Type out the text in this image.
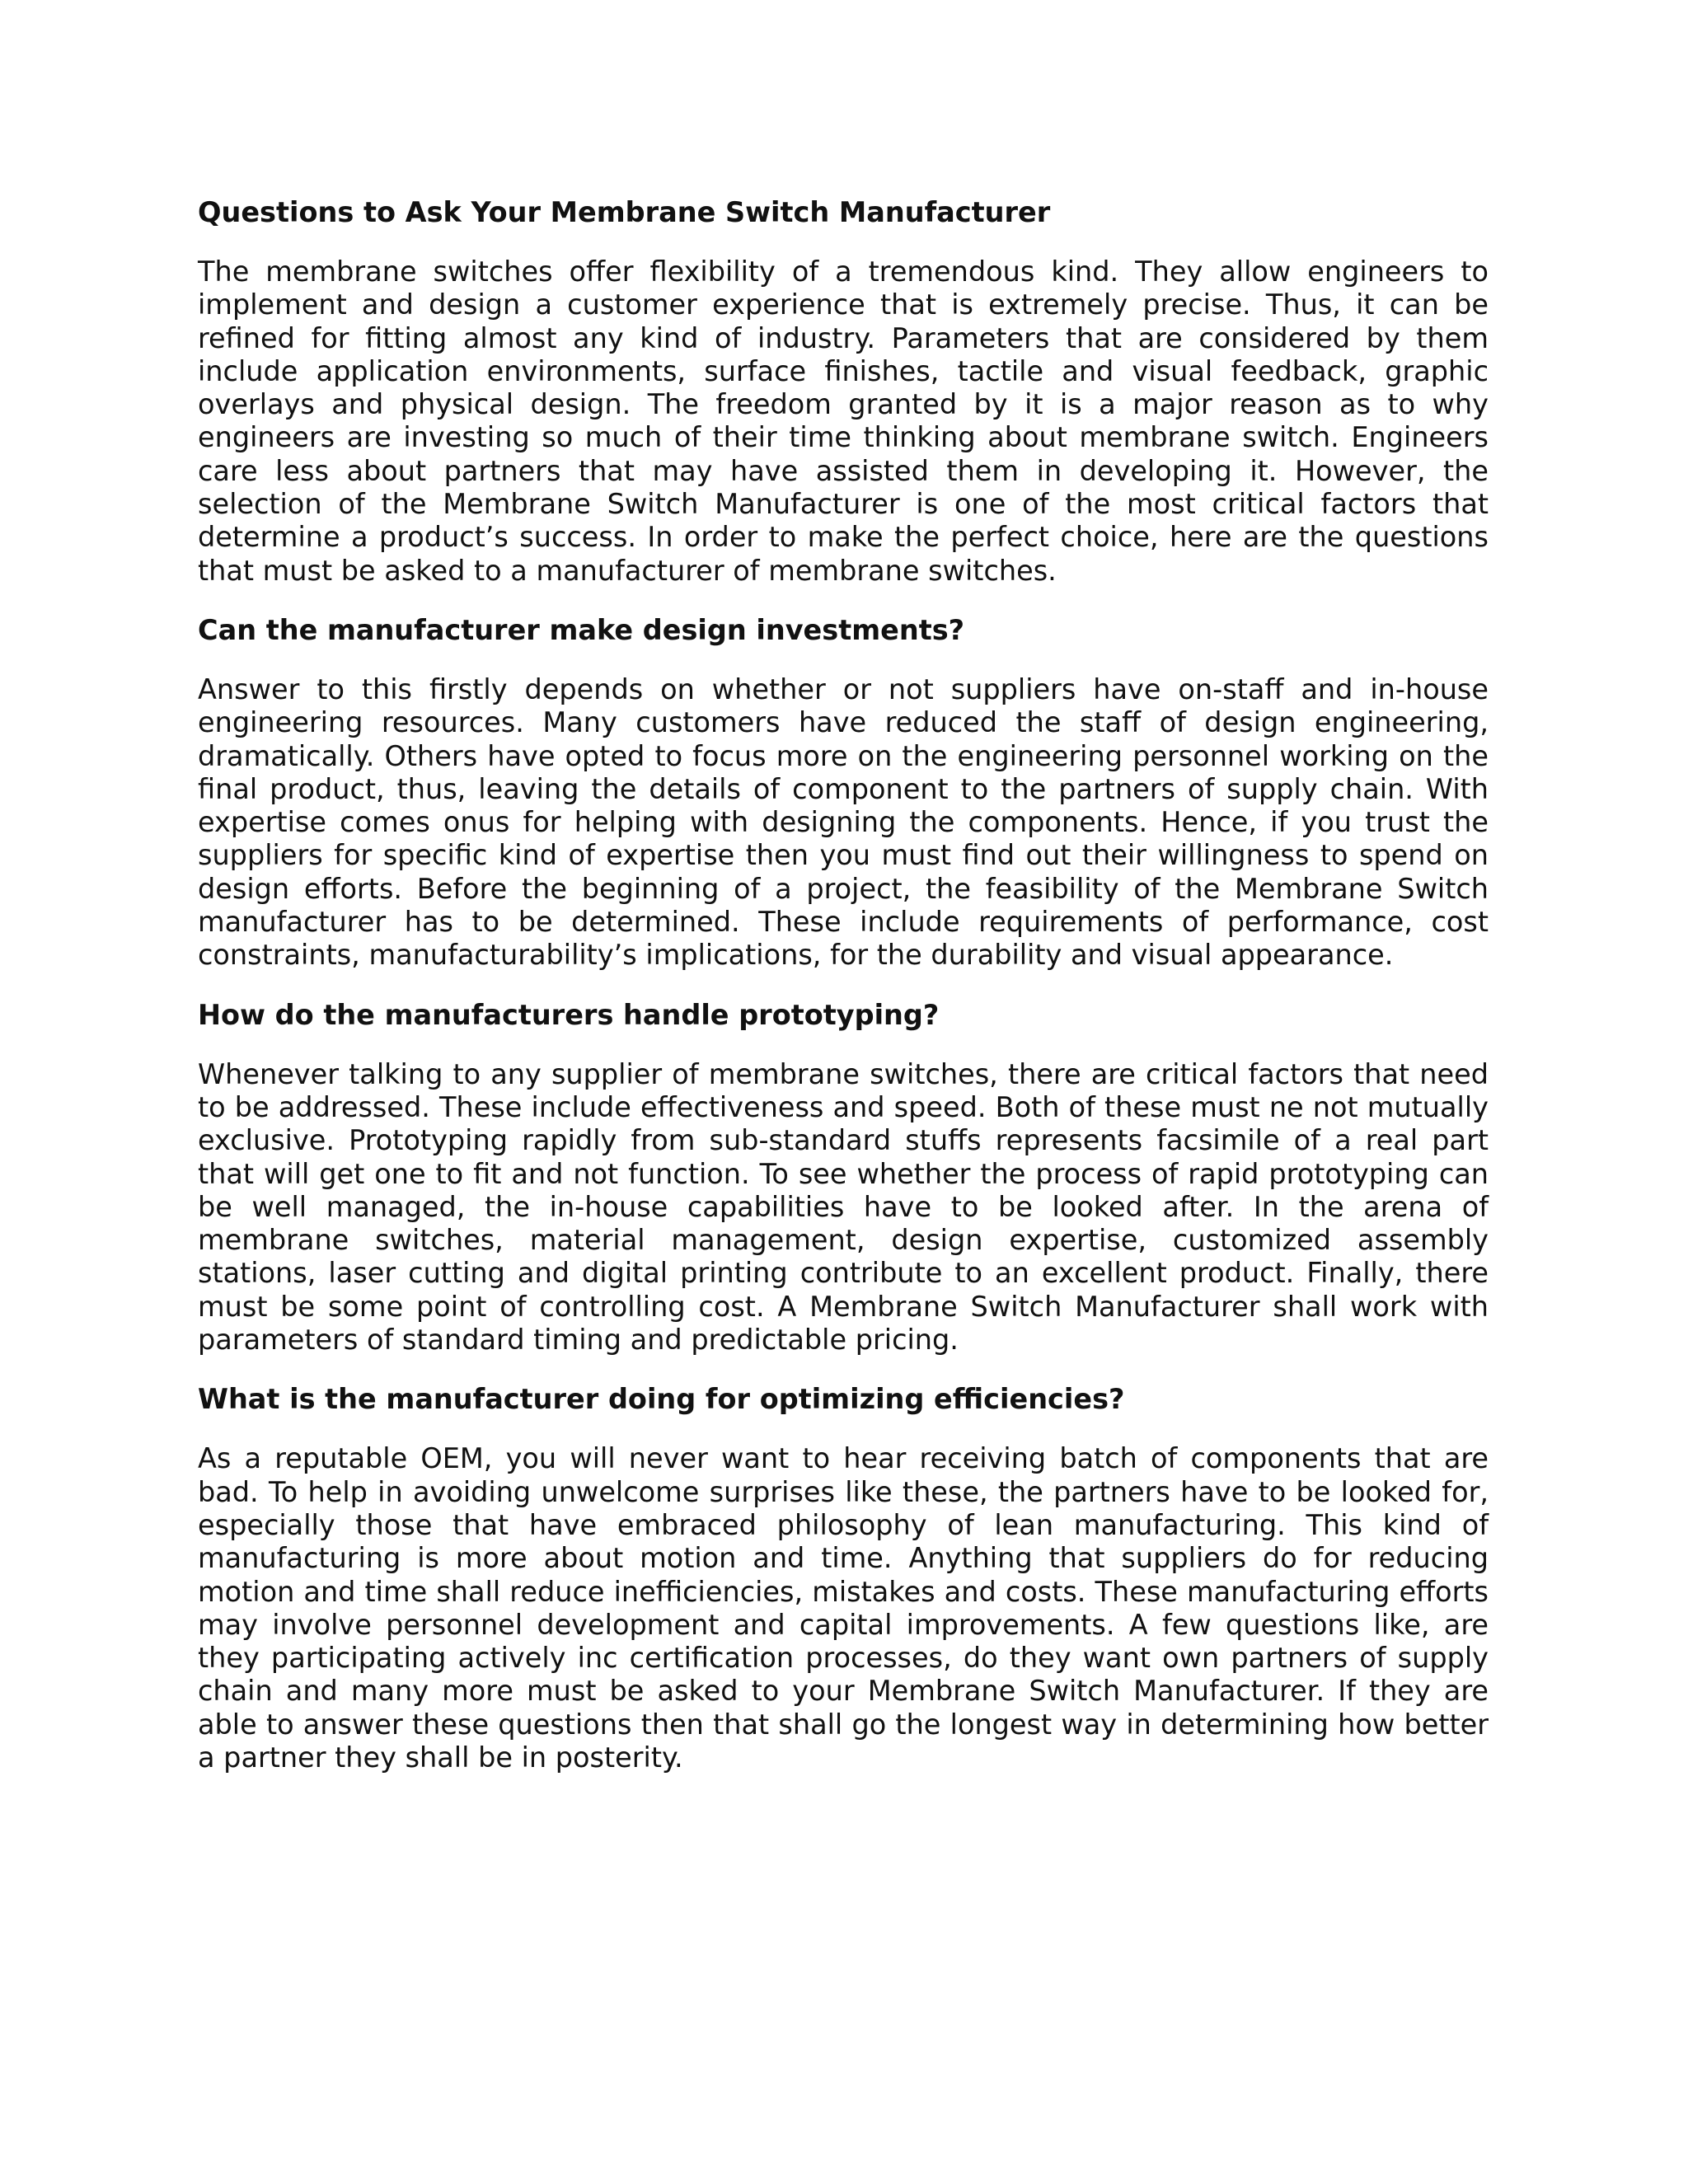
Questions to Ask Your Membrane Switch Manufacturer

The membrane switches offer flexibility of a tremendous kind. They allow engineers to implement and design a customer experience that is extremely precise. Thus, it can be refined for fitting almost any kind of industry. Parameters that are considered by them include application environments, surface finishes, tactile and visual feedback, graphic overlays and physical design. The freedom granted by it is a major reason as to why engineers are investing so much of their time thinking about membrane switch. Engineers care less about partners that may have assisted them in developing it. However, the selection of the Membrane Switch Manufacturer is one of the most critical factors that determine a product’s success. In order to make the perfect choice, here are the questions that must be asked to a manufacturer of membrane switches.

Can the manufacturer make design investments?

Answer to this firstly depends on whether or not suppliers have on-staff and in-house engineering resources. Many customers have reduced the staff of design engineering, dramatically. Others have opted to focus more on the engineering personnel working on the final product, thus, leaving the details of component to the partners of supply chain. With expertise comes onus for helping with designing the components. Hence, if you trust the suppliers for specific kind of expertise then you must find out their willingness to spend on design efforts. Before the beginning of a project, the feasibility of the Membrane Switch manufacturer has to be determined. These include requirements of performance, cost constraints, manufacturability’s implications, for the durability and visual appearance.

How do the manufacturers handle prototyping?

Whenever talking to any supplier of membrane switches, there are critical factors that need to be addressed. These include effectiveness and speed. Both of these must ne not mutually exclusive. Prototyping rapidly from sub-standard stuffs represents facsimile of a real part that will get one to fit and not function. To see whether the process of rapid prototyping can be well managed, the in-house capabilities have to be looked after. In the arena of membrane switches, material management, design expertise, customized assembly stations, laser cutting and digital printing contribute to an excellent product. Finally, there must be some point of controlling cost. A Membrane Switch Manufacturer shall work with parameters of standard timing and predictable pricing.

What is the manufacturer doing for optimizing efficiencies?

As a reputable OEM, you will never want to hear receiving batch of components that are bad. To help in avoiding unwelcome surprises like these, the partners have to be looked for, especially those that have embraced philosophy of lean manufacturing. This kind of manufacturing is more about motion and time. Anything that suppliers do for reducing motion and time shall reduce inefficiencies, mistakes and costs. These manufacturing efforts may involve personnel development and capital improvements. A few questions like, are they participating actively inc certification processes, do they want own partners of supply chain and many more must be asked to your Membrane Switch Manufacturer. If they are able to answer these questions then that shall go the longest way in determining how better a partner they shall be in posterity.
